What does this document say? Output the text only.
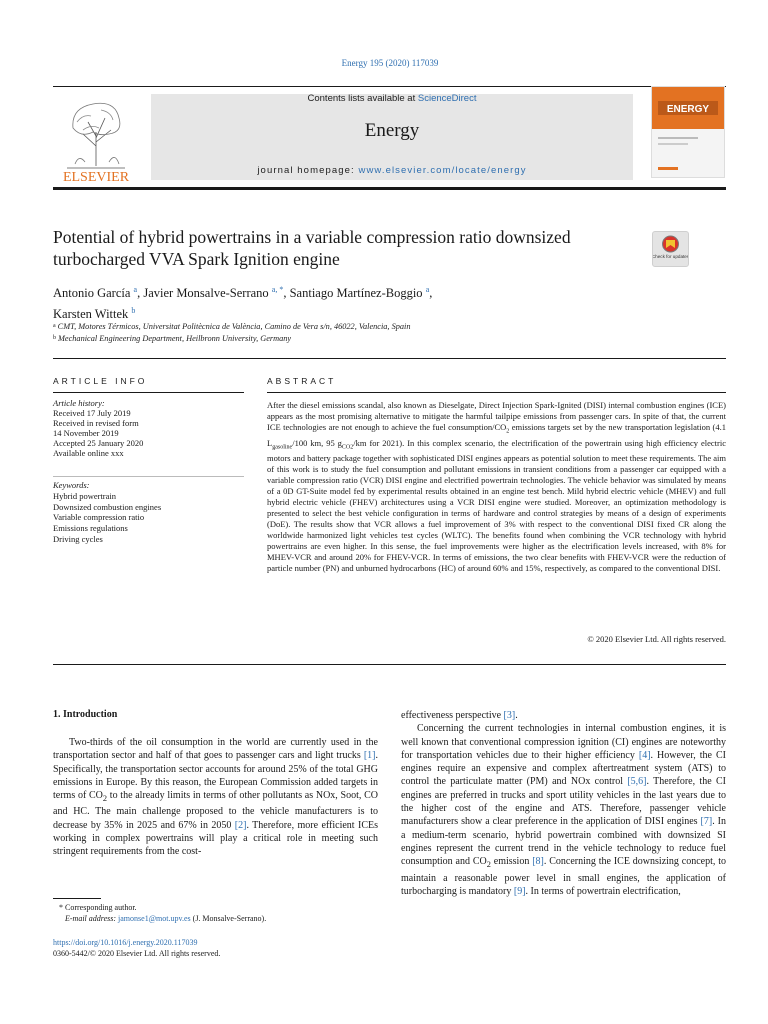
Energy 195 (2020) 117039
ELSEVIER
Contents lists available at ScienceDirect
Energy
journal homepage: www.elsevier.com/locate/energy
ENERGY
Potential of hybrid powertrains in a variable compression ratio downsized turbocharged VVA Spark Ignition engine	Check for updates
Antonio García $^a$, Javier Monsalve-Serrano $^{a, *}$, Santiago Martínez-Boggio $^a$,
Karsten Wittek $^b$
$^a$ CMT, Motores Térmicos, Universitat Politècnica de València, Camino de Vera s/n, 46022, Valencia, Spain
$^b$ Mechanical Engineering Department, Heilbronn University, Germany
ARTICLE INFO
Article history:
Received 17 July 2019
Received in revised form
14 November 2019
Accepted 25 January 2020
Available online xxx
Keywords:
Hybrid powertrain
Downsized combustion engines
Variable compression ratio
Emissions regulations
Driving cycles
ABSTRACT
After the diesel emissions scandal, also known as Dieselgate, Direct Injection Spark-Ignited (DISI) internal combustion engines (ICE) appears as the most promising alternative to mitigate the harmful tailpipe emissions from passenger cars. In spite of that, the current ICE technologies are not enough to achieve the fuel consumption/$CO_2$ emissions targets set by the new transportation legislation (4.1 $L_{gasoline}/100$ km, 95 $g_{CO2}/km$ for 2021). In this complex scenario, the electrification of the powertrain using high efficiency electric motors and battery package together with sophisticated DISI engines appears as potential solution to meet these requirements. The aim of this work is to study the fuel consumption and pollutant emissions in transient conditions from a passenger car equipped with a variable compression ratio (VCR) DISI engine and electrified powertrain technologies. The vehicle behavior was simulated by means of a 0D GT-Suite model fed by experimental results obtained in an engine test bench. Mild hybrid electric vehicle (MHEV) and full hybrid electric vehicle (FHEV) architectures using a VCR DISI engine were studied. Moreover, an optimization methodology is presented to select the best vehicle configuration in terms of hardware and control strategies by means of a design of experiments (DoE). The results show that VCR allows a fuel improvement of 3% with respect to the conventional DISI fixed CR along the worldwide harmonized light vehicles test cycles (WLTC). The benefits found when combining the VCR technology with hybrid powertrains are even higher. In this sense, the fuel improvements were higher as the electrification levels increased, with 8% for MHEV-VCR and around 20% for FHEV-VCR. In terms of emissions, the two clear benefits with FHEV-VCR were the reduction of particle number (PN) and unburned hydrocarbons (HC) of around 60% and 15%, respectively, as compared to the conventional DISI.
© 2020 Elsevier Ltd. All rights reserved.
1. Introduction
Two-thirds of the oil consumption in the world are currently used in the transportation sector and half of that goes to passenger cars and light trucks [1]. Specifically, the transportation sector accounts for around 25% of the total GHG emissions in Europe. By this reason, the European Commission added targets in terms of $CO_2$ to the already limits in terms of other pollutants as NOx, Soot, CO and HC. The main challenge proposed to the vehicle manufacturers is to decrease by 35% in 2025 and 67% in 2050 [2]. Therefore, more efficient ICEs working in complex powertrains will play a critical role in meeting such stringent requirements from the cost-
effectiveness perspective [3].
Concerning the current technologies in internal combustion engines, it is well known that conventional compression ignition (CI) engines are noteworthy for transportation vehicles due to their higher efficiency [4]. However, the CI engines require an expensive and complex aftertreatment system (ATS) to control the particulate matter (PM) and NOx control [5,6]. Therefore, the CI engines are preferred in trucks and sport utility vehicles in the last years due to the higher cost of the engine and ATS. Therefore, passenger vehicle manufacturers show a clear preference in the application of DISI engines [7]. In a medium-term scenario, hybrid powertrain combined with downsized SI engines represent the current trend in the vehicle technology to reduce fuel consumption and $CO_2$ emission [8]. Concerning the ICE downsizing concept, to maintain a reasonable power level in small engines, the application of turbocharging is mandatory [9]. In terms of powertrain electrification,
* Corresponding author.
E-mail address: jamonse1@mot.upv.es (J. Monsalve-Serrano).
https://doi.org/10.1016/j.energy.2020.117039
0360-5442/© 2020 Elsevier Ltd. All rights reserved.
